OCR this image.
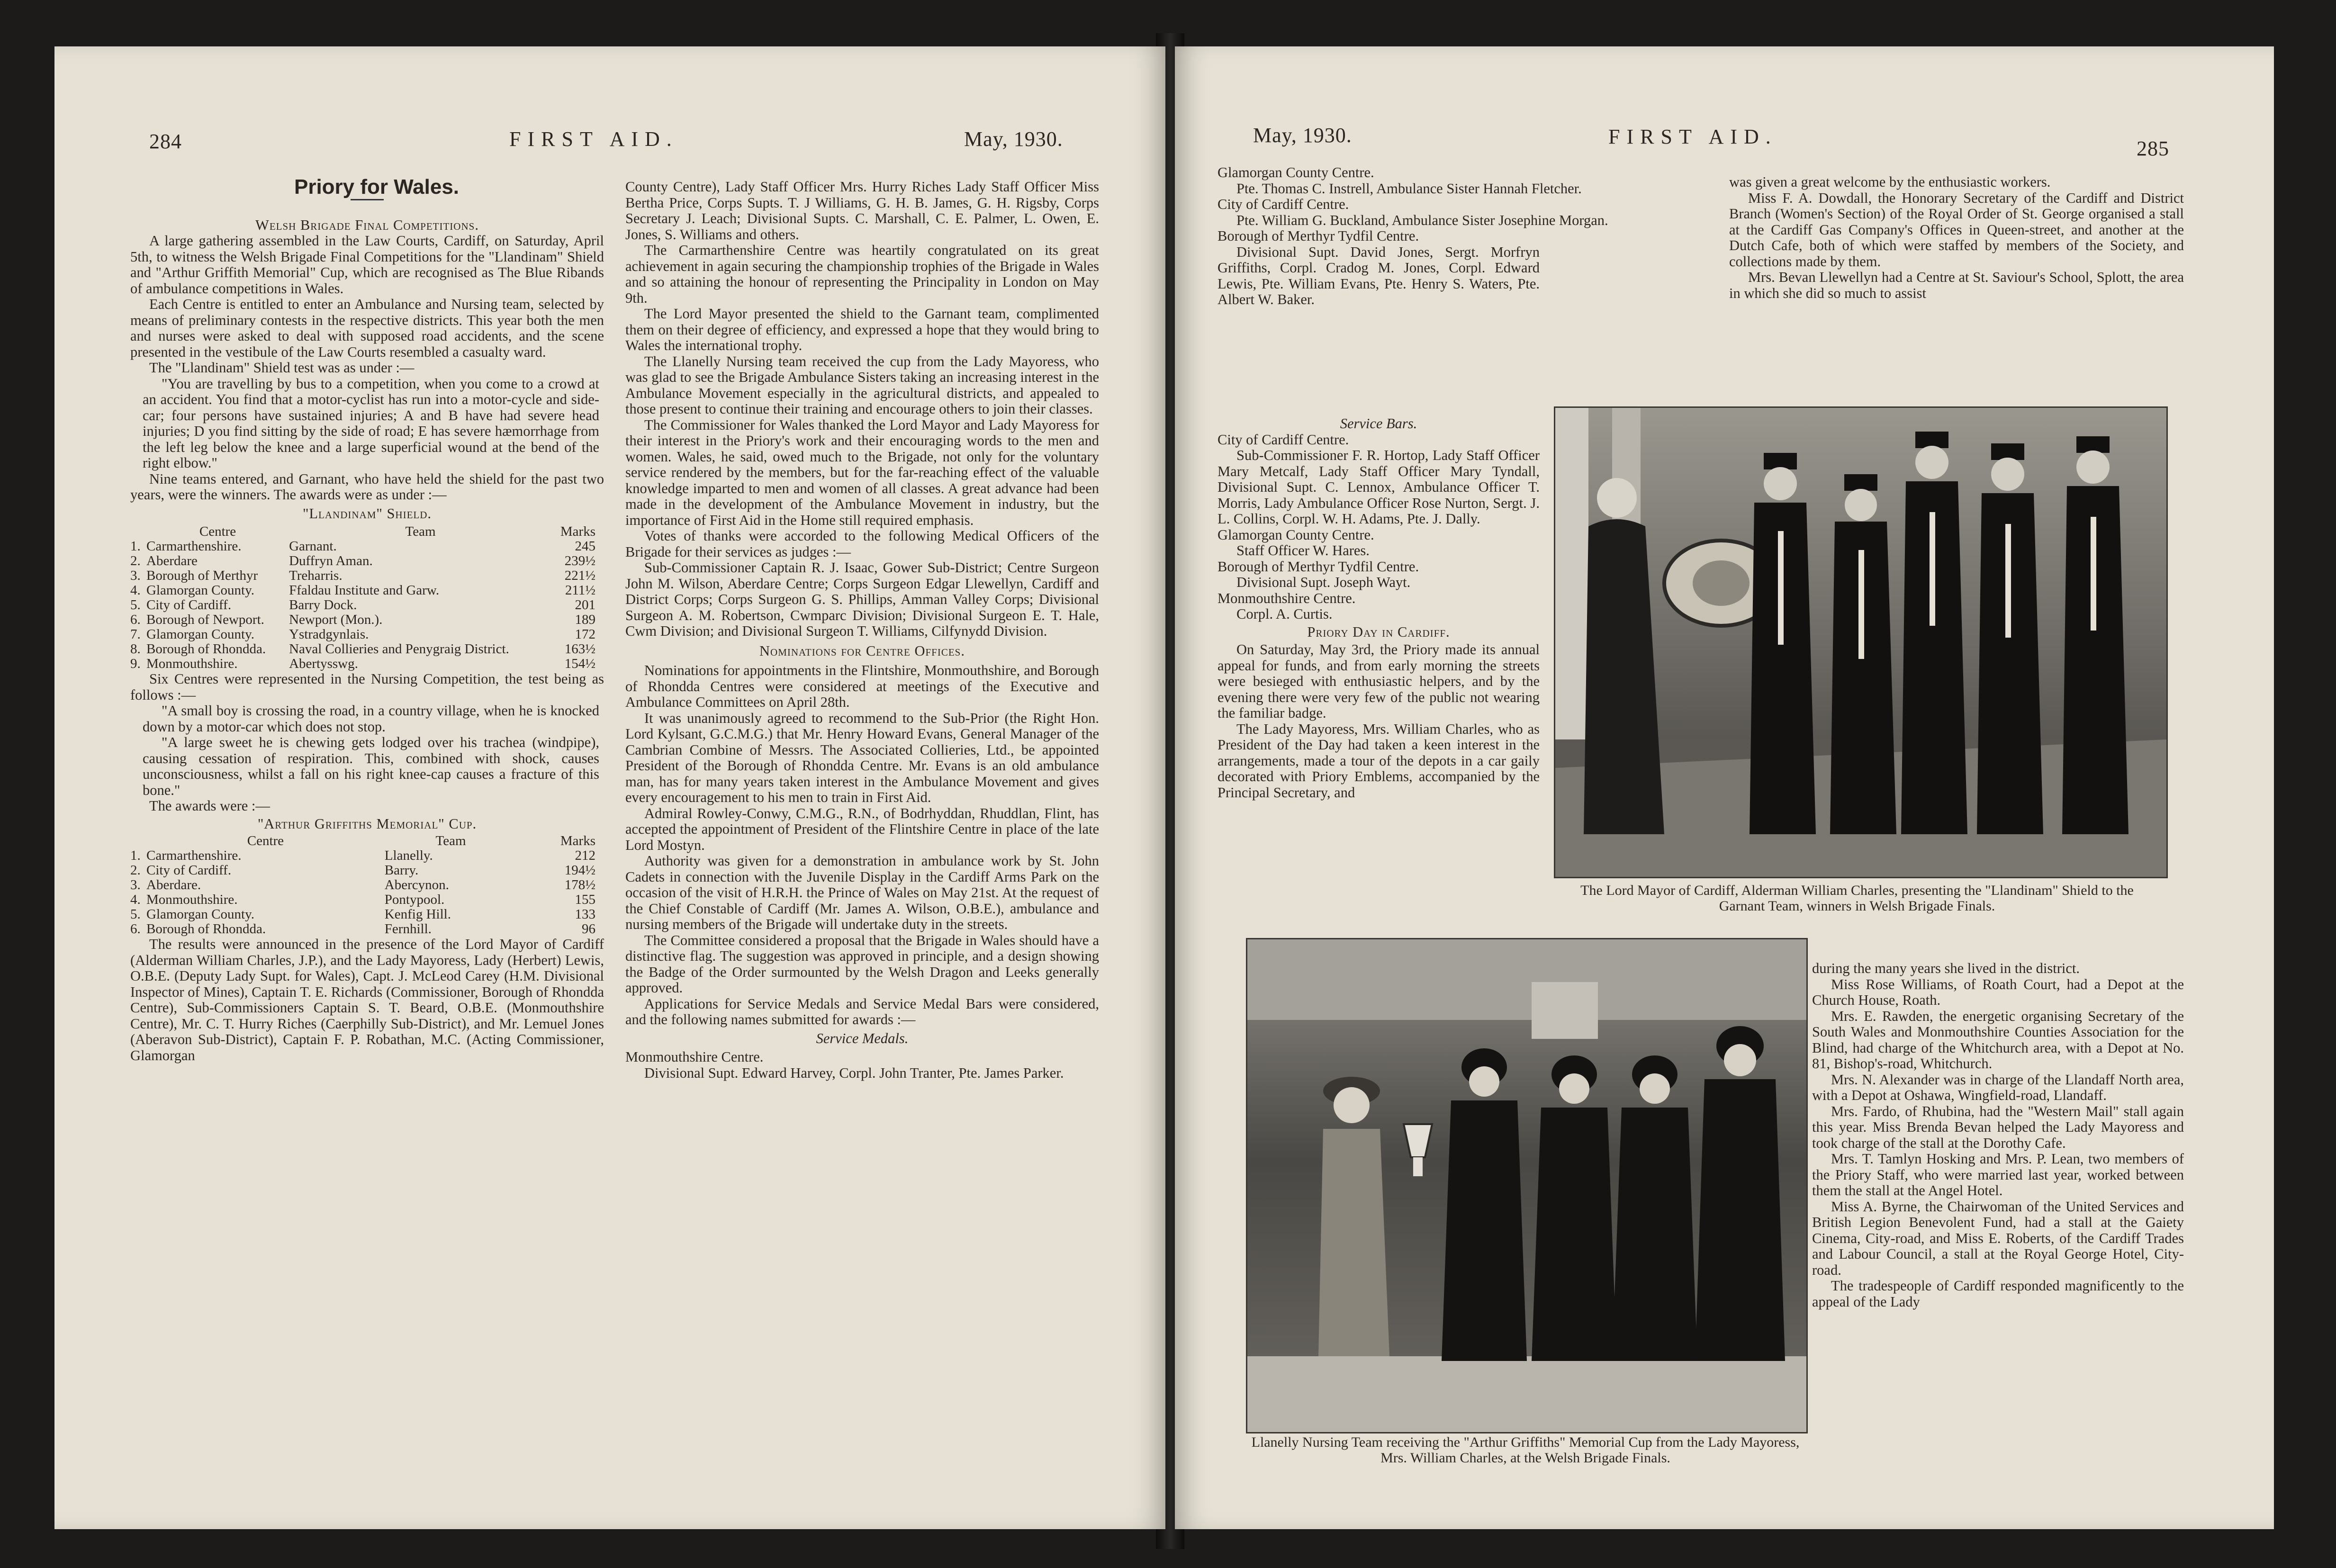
284	FIRST AID.	May, 1930.

Priory for Wales.

Welsh Brigade Final Competitions.

A large gathering assembled in the Law Courts, Cardiff, on Saturday, April 5th, to witness the Welsh Brigade Final Competitions for the "Llandinam" Shield and "Arthur Griffith Memorial" Cup, which are recognised as The Blue Ribands of ambulance competitions in Wales.

Each Centre is entitled to enter an Ambulance and Nursing team, selected by means of preliminary contests in the respective districts. This year both the men and nurses were asked to deal with supposed road accidents, and the scene presented in the vestibule of the Law Courts resembled a casualty ward.

The "Llandinam" Shield test was as under :—

"You are travelling by bus to a competition, when you come to a crowd at an accident. You find that a motor-cyclist has run into a motor-cycle and side-car; four persons have sustained injuries; A and B have had severe head injuries; D you find sitting by the side of road; E has severe hæmorrhage from the left leg below the knee and a large superficial wound at the bend of the right elbow."

Nine teams entered, and Garnant, who have held the shield for the past two years, were the winners. The awards were as under :—

"Llandinam" Shield.

	Centre	Team	Marks
1.	Carmarthenshire.	Garnant.	245
2.	Aberdare	Duffryn Aman.	239½
3.	Borough of Merthyr	Treharris.	221½
4.	Glamorgan County.	Ffaldau Institute and Garw.	211½
5.	City of Cardiff.	Barry Dock.	201
6.	Borough of Newport.	Newport (Mon.).	189
7.	Glamorgan County.	Ystradgynlais.	172
8.	Borough of Rhondda.	Naval Collieries and Penygraig District.	163½
9.	Monmouthshire.	Abertysswg.	154½

Six Centres were represented in the Nursing Competition, the test being as follows :—

"A small boy is crossing the road, in a country village, when he is knocked down by a motor-car which does not stop.

"A large sweet he is chewing gets lodged over his trachea (windpipe), causing cessation of respiration. This, combined with shock, causes unconsciousness, whilst a fall on his right knee-cap causes a fracture of this bone."

The awards were :—

"Arthur Griffiths Memorial" Cup.

	Centre	Team	Marks
1.	Carmarthenshire.	Llanelly.	212
2.	City of Cardiff.	Barry.	194½
3.	Aberdare.	Abercynon.	178½
4.	Monmouthshire.	Pontypool.	155
5.	Glamorgan County.	Kenfig Hill.	133
6.	Borough of Rhondda.	Fernhill.	96

The results were announced in the presence of the Lord Mayor of Cardiff (Alderman William Charles, J.P.), and the Lady Mayoress, Lady (Herbert) Lewis, O.B.E. (Deputy Lady Supt. for Wales), Capt. J. McLeod Carey (H.M. Divisional Inspector of Mines), Captain T. E. Richards (Commissioner, Borough of Rhondda Centre), Sub-Commissioners Captain S. T. Beard, O.B.E. (Monmouthshire Centre), Mr. C. T. Hurry Riches (Caerphilly Sub-District), and Mr. Lemuel Jones (Aberavon Sub-District), Captain F. P. Robathan, M.C. (Acting Commissioner, Glamorgan

County Centre), Lady Staff Officer Mrs. Hurry Riches Lady Staff Officer Miss Bertha Price, Corps Supts. T. J Williams, G. H. B. James, G. H. Rigsby, Corps Secretary J. Leach; Divisional Supts. C. Marshall, C. E. Palmer, L. Owen, E. Jones, S. Williams and others.

The Carmarthenshire Centre was heartily congratulated on its great achievement in again securing the championship trophies of the Brigade in Wales and so attaining the honour of representing the Principality in London on May 9th.

The Lord Mayor presented the shield to the Garnant team, complimented them on their degree of efficiency, and expressed a hope that they would bring to Wales the international trophy.

The Llanelly Nursing team received the cup from the Lady Mayoress, who was glad to see the Brigade Ambulance Sisters taking an increasing interest in the Ambulance Movement especially in the agricultural districts, and appealed to those present to continue their training and encourage others to join their classes.

The Commissioner for Wales thanked the Lord Mayor and Lady Mayoress for their interest in the Priory's work and their encouraging words to the men and women. Wales, he said, owed much to the Brigade, not only for the voluntary service rendered by the members, but for the far-reaching effect of the valuable knowledge imparted to men and women of all classes. A great advance had been made in the development of the Ambulance Movement in industry, but the importance of First Aid in the Home still required emphasis.

Votes of thanks were accorded to the following Medical Officers of the Brigade for their services as judges :—

Sub-Commissioner Captain R. J. Isaac, Gower Sub-District; Centre Surgeon John M. Wilson, Aberdare Centre; Corps Surgeon Edgar Llewellyn, Cardiff and District Corps; Corps Surgeon G. S. Phillips, Amman Valley Corps; Divisional Surgeon A. M. Robertson, Cwmparc Division; Divisional Surgeon E. T. Hale, Cwm Division; and Divisional Surgeon T. Williams, Cilfynydd Division.

Nominations for Centre Offices.

Nominations for appointments in the Flintshire, Monmouthshire, and Borough of Rhondda Centres were considered at meetings of the Executive and Ambulance Committees on April 28th.

It was unanimously agreed to recommend to the Sub-Prior (the Right Hon. Lord Kylsant, G.C.M.G.) that Mr. Henry Howard Evans, General Manager of the Cambrian Combine of Messrs. The Associated Collieries, Ltd., be appointed President of the Borough of Rhondda Centre. Mr. Evans is an old ambulance man, has for many years taken interest in the Ambulance Movement and gives every encouragement to his men to train in First Aid.

Admiral Rowley-Conwy, C.M.G., R.N., of Bodrhyddan, Rhuddlan, Flint, has accepted the appointment of President of the Flintshire Centre in place of the late Lord Mostyn.

Authority was given for a demonstration in ambulance work by St. John Cadets in connection with the Juvenile Display in the Cardiff Arms Park on the occasion of the visit of H.R.H. the Prince of Wales on May 21st. At the request of the Chief Constable of Cardiff (Mr. James A. Wilson, O.B.E.), ambulance and nursing members of the Brigade will undertake duty in the streets.

The Committee considered a proposal that the Brigade in Wales should have a distinctive flag. The suggestion was approved in principle, and a design showing the Badge of the Order surmounted by the Welsh Dragon and Leeks generally approved.

Applications for Service Medals and Service Medal Bars were considered, and the following names submitted for awards :—

Service Medals.

Monmouthshire Centre.

Divisional Supt. Edward Harvey, Corpl. John Tranter, Pte. James Parker.

May, 1930.	FIRST AID.
285

Glamorgan County Centre.

Pte. Thomas C. Instrell, Ambulance Sister Hannah Fletcher.

City of Cardiff Centre.

Pte. William G. Buckland, Ambulance Sister Josephine Morgan.

Borough of Merthyr Tydfil Centre.

Divisional Supt. David Jones, Sergt. Morfryn Griffiths, Corpl. Cradog M. Jones, Corpl. Edward Lewis, Pte. William Evans, Pte. Henry S. Waters, Pte. Albert W. Baker.

Service Bars.

City of Cardiff Centre.

Sub-Commissioner F. R. Hortop, Lady Staff Officer Mary Metcalf, Lady Staff Officer Mary Tyndall, Divisional Supt. C. Lennox, Ambulance Officer T. Morris, Lady Ambulance Officer Rose Nurton, Sergt. J. L. Collins, Corpl. W. H. Adams, Pte. J. Dally.

Glamorgan County Centre.

Staff Officer W. Hares.

Borough of Merthyr Tydfil Centre.

Divisional Supt. Joseph Wayt.

Monmouthshire Centre.

Corpl. A. Curtis.

Priory Day in Cardiff.

On Saturday, May 3rd, the Priory made its annual appeal for funds, and from early morning the streets were besieged with enthusiastic helpers, and by the evening there were very few of the public not wearing the familiar badge.

The Lady Mayoress, Mrs. William Charles, who as President of the Day had taken a keen interest in the arrangements, made a tour of the depots in a car gaily decorated with Priory Emblems, accompanied by the Principal Secretary, and

was given a great welcome by the enthusiastic workers.

Miss F. A. Dowdall, the Honorary Secretary of the Cardiff and District Branch (Women's Section) of the Royal Order of St. George organised a stall at the Cardiff Gas Company's Offices in Queen-street, and another at the Dutch Cafe, both of which were staffed by members of the Society, and collections made by them.

Mrs. Bevan Llewellyn had a Centre at St. Saviour's School, Splott, the area in which she did so much to assist

The Lord Mayor of Cardiff, Alderman William Charles, presenting the "Llandinam" Shield to the Garnant Team, winners in Welsh Brigade Finals.
Llanelly Nursing Team receiving the "Arthur Griffiths" Memorial Cup from the Lady Mayoress, Mrs. William Charles, at the Welsh Brigade Finals.

during the many years she lived in the district.

Miss Rose Williams, of Roath Court, had a Depot at the Church House, Roath.

Mrs. E. Rawden, the energetic organising Secretary of the South Wales and Monmouthshire Counties Association for the Blind, had charge of the Whitchurch area, with a Depot at No. 81, Bishop's-road, Whitchurch.

Mrs. N. Alexander was in charge of the Llandaff North area, with a Depot at Oshawa, Wingfield-road, Llandaff.

Mrs. Fardo, of Rhubina, had the "Western Mail" stall again this year. Miss Brenda Bevan helped the Lady Mayoress and took charge of the stall at the Dorothy Cafe.

Mrs. T. Tamlyn Hosking and Mrs. P. Lean, two members of the Priory Staff, who were married last year, worked between them the stall at the Angel Hotel.

Miss A. Byrne, the Chairwoman of the United Services and British Legion Benevolent Fund, had a stall at the Gaiety Cinema, City-road, and Miss E. Roberts, of the Cardiff Trades and Labour Council, a stall at the Royal George Hotel, City-road.

The tradespeople of Cardiff responded magnificently to the appeal of the Lady
